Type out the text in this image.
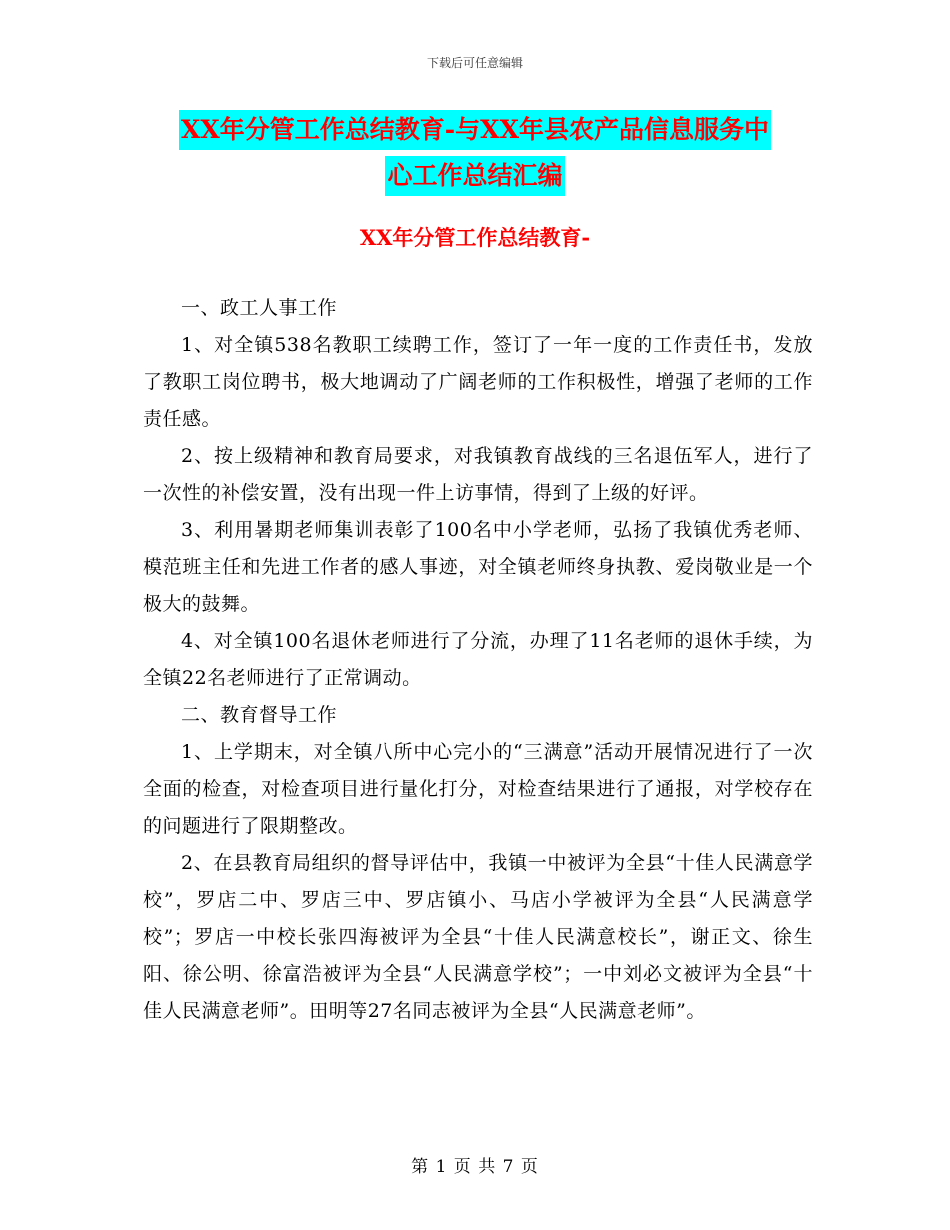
下载后可任意编辑
XX年分管工作总结教育-与XX年县农产品信息服务中
心工作总结汇编
XX年分管工作总结教育-

一、政工人事工作

1、对全镇538名教职工续聘工作，签订了一年一度的工作责任书，发放了教职工岗位聘书，极大地调动了广阔老师的工作积极性，增强了老师的工作责任感。

2、按上级精神和教育局要求，对我镇教育战线的三名退伍军人，进行了一次性的补偿安置，没有出现一件上访事情，得到了上级的好评。

3、利用暑期老师集训表彰了100名中小学老师，弘扬了我镇优秀老师、模范班主任和先进工作者的感人事迹，对全镇老师终身执教、爱岗敬业是一个极大的鼓舞。

4、对全镇100名退休老师进行了分流，办理了11名老师的退休手续，为全镇22名老师进行了正常调动。

二、教育督导工作

1、上学期末，对全镇八所中心完小的“三满意”活动开展情况进行了一次全面的检查，对检查项目进行量化打分，对检查结果进行了通报，对学校存在的问题进行了限期整改。

2、在县教育局组织的督导评估中，我镇一中被评为全县“十佳人民满意学校”，罗店二中、罗店三中、罗店镇小、马店小学被评为全县“人民满意学校”；罗店一中校长张四海被评为全县“十佳人民满意校长”，谢正文、徐生阳、徐公明、徐富浩被评为全县“人民满意学校”；一中刘必文被评为全县“十佳人民满意老师”。田明等27名同志被评为全县“人民满意老师”。

第 1 页 共 7 页
